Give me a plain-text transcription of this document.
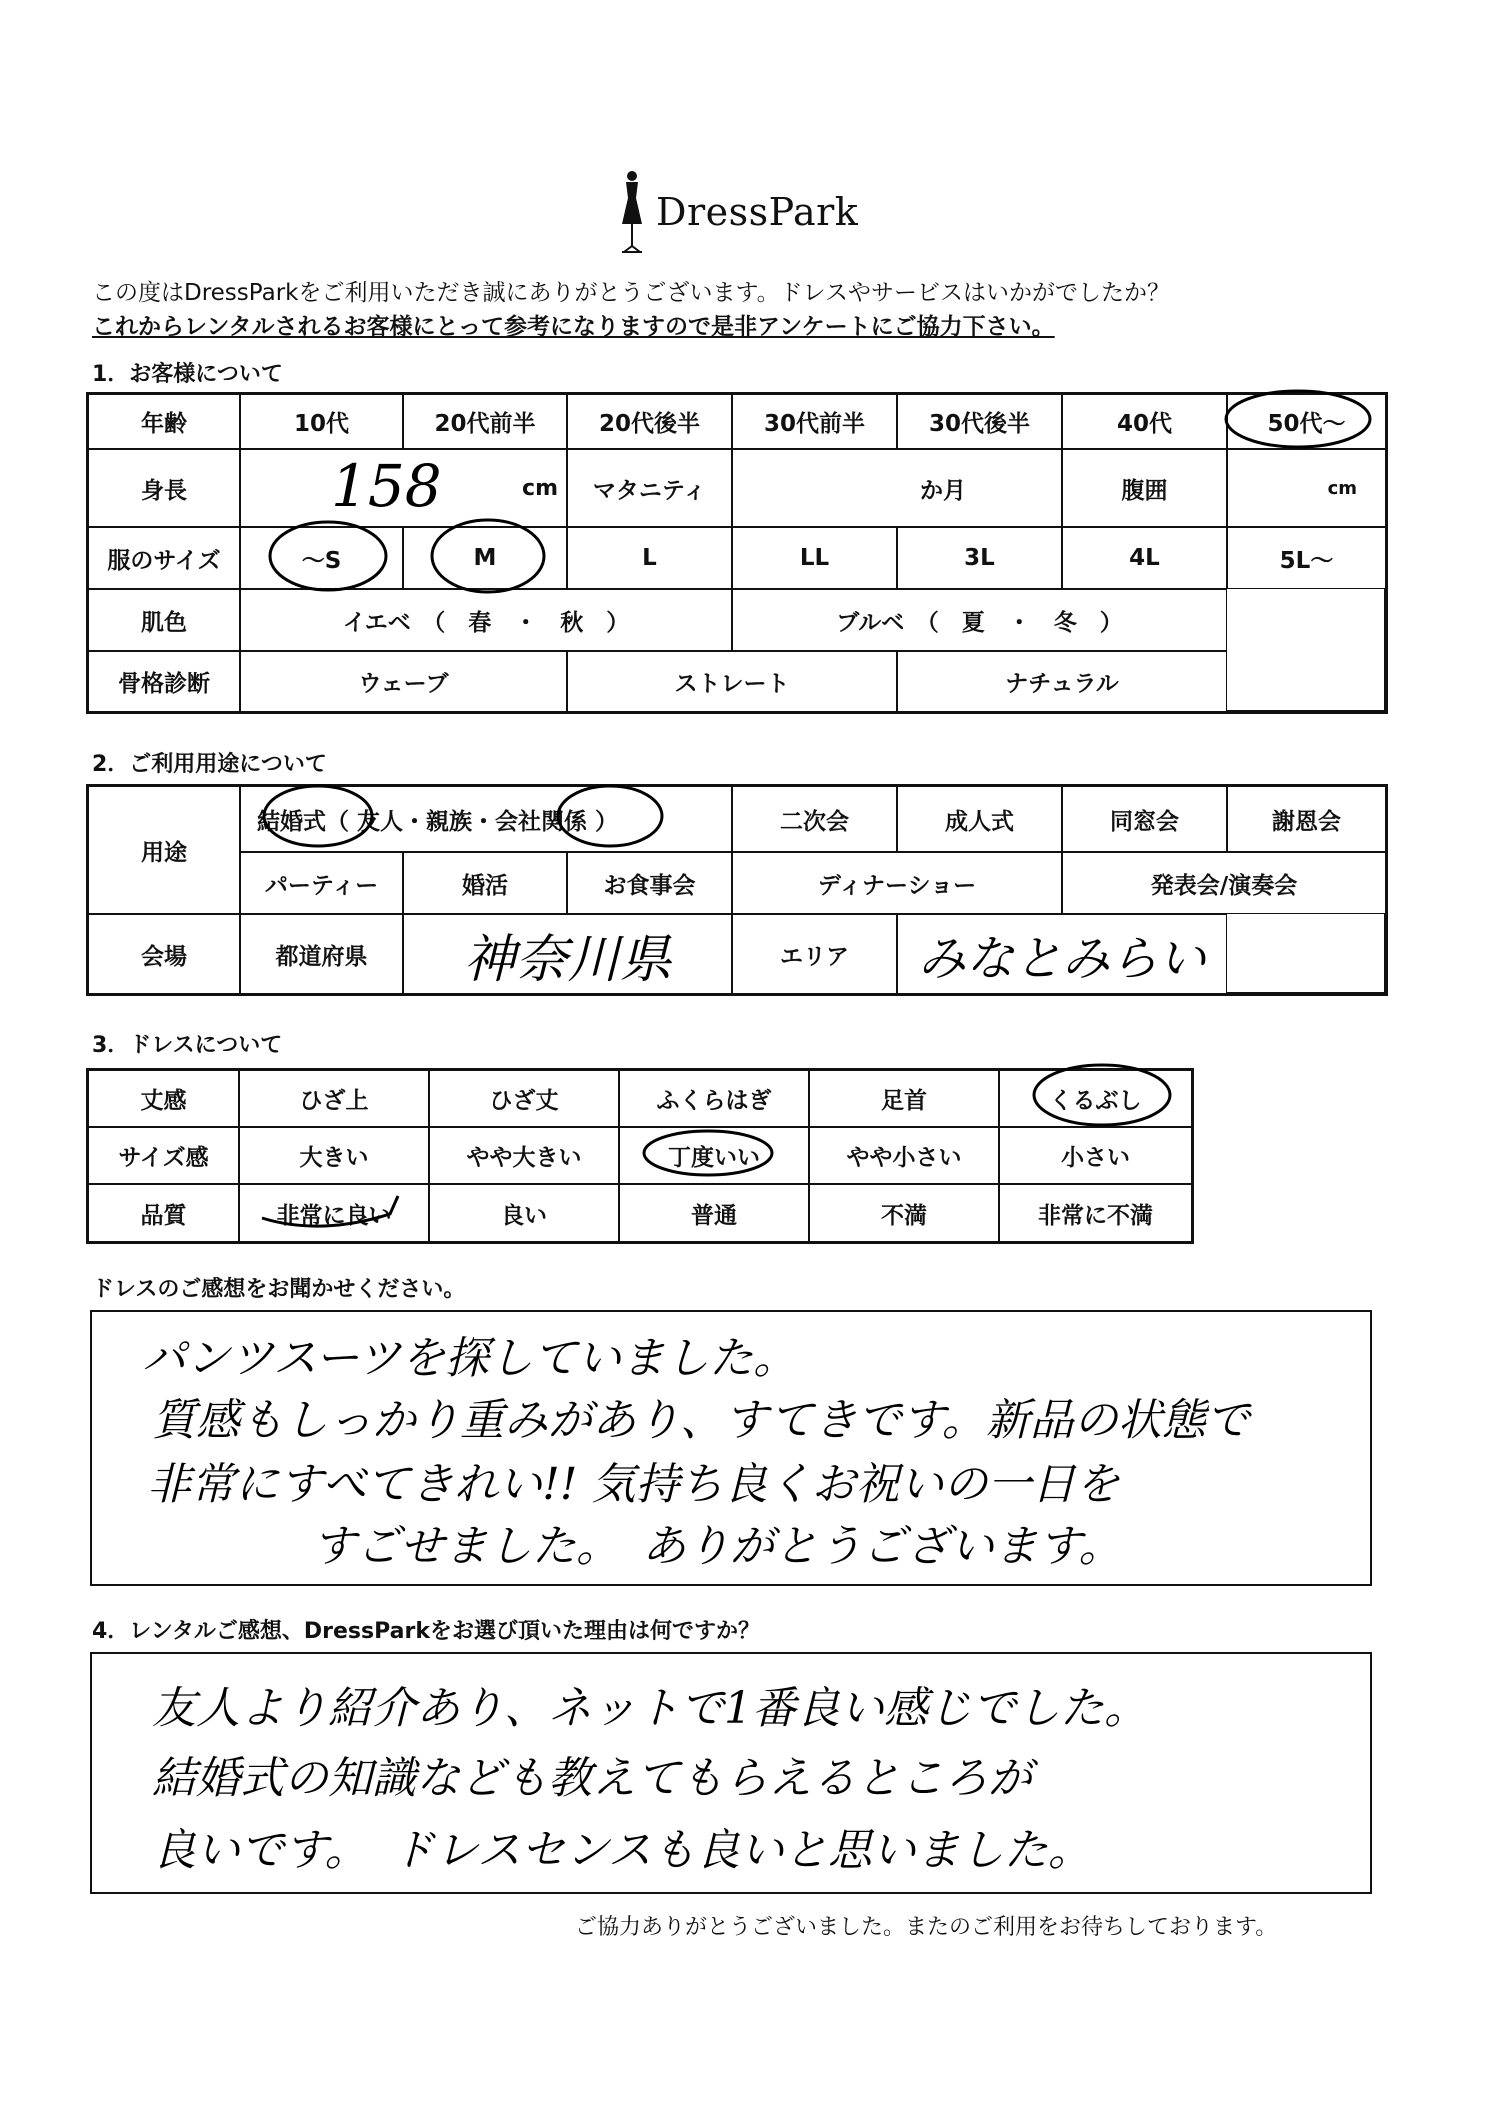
DressPark
この度はDressParkをご利用いただき誠にありがとうございます。ドレスやサービスはいかがでしたか？
これからレンタルされるお客様にとって参考になりますので是非アンケートにご協力下さい。
1．お客様について
年齢	10代	20代前半	20代後半	30代前半	30代後半	40代	50代～
身長	158	cm	マタニティ	か月	腹囲	cm
服のサイズ	～S	M	L	LL	3L	4L	5L～
肌色	イエベ　（　春　・　秋　）	ブルベ　（　夏　・　冬　）
骨格診断	ウェーブ	ストレート	ナチュラル
2．ご利用用途について
用途
結婚式（ 友人・親族・会社関係 ）	二次会	成人式	同窓会	謝恩会
パーティー	婚活	お食事会	ディナーショー	発表会/演奏会
会場	都道府県	神奈川県	エリア	みなとみらい
3．ドレスについて
丈感	ひざ上	ひざ丈	ふくらはぎ	足首	くるぶし
サイズ感	大きい	やや大きい	丁度いい	やや小さい	小さい
品質	非常に良い	良い	普通	不満	非常に不満
ドレスのご感想をお聞かせください。
パンツスーツを探していました。
質感もしっかり重みがあり、すてきです。新品の状態で
非常にすべてきれい!! 気持ち良くお祝いの一日を
すごせました。　ありがとうございます。
4．レンタルご感想、DressParkをお選び頂いた理由は何ですか？
友人より紹介あり、ネットで1番良い感じでした。
結婚式の知識なども教えてもらえるところが
良いです。　ドレスセンスも良いと思いました。
ご協力ありがとうございました。またのご利用をお待ちしております。
